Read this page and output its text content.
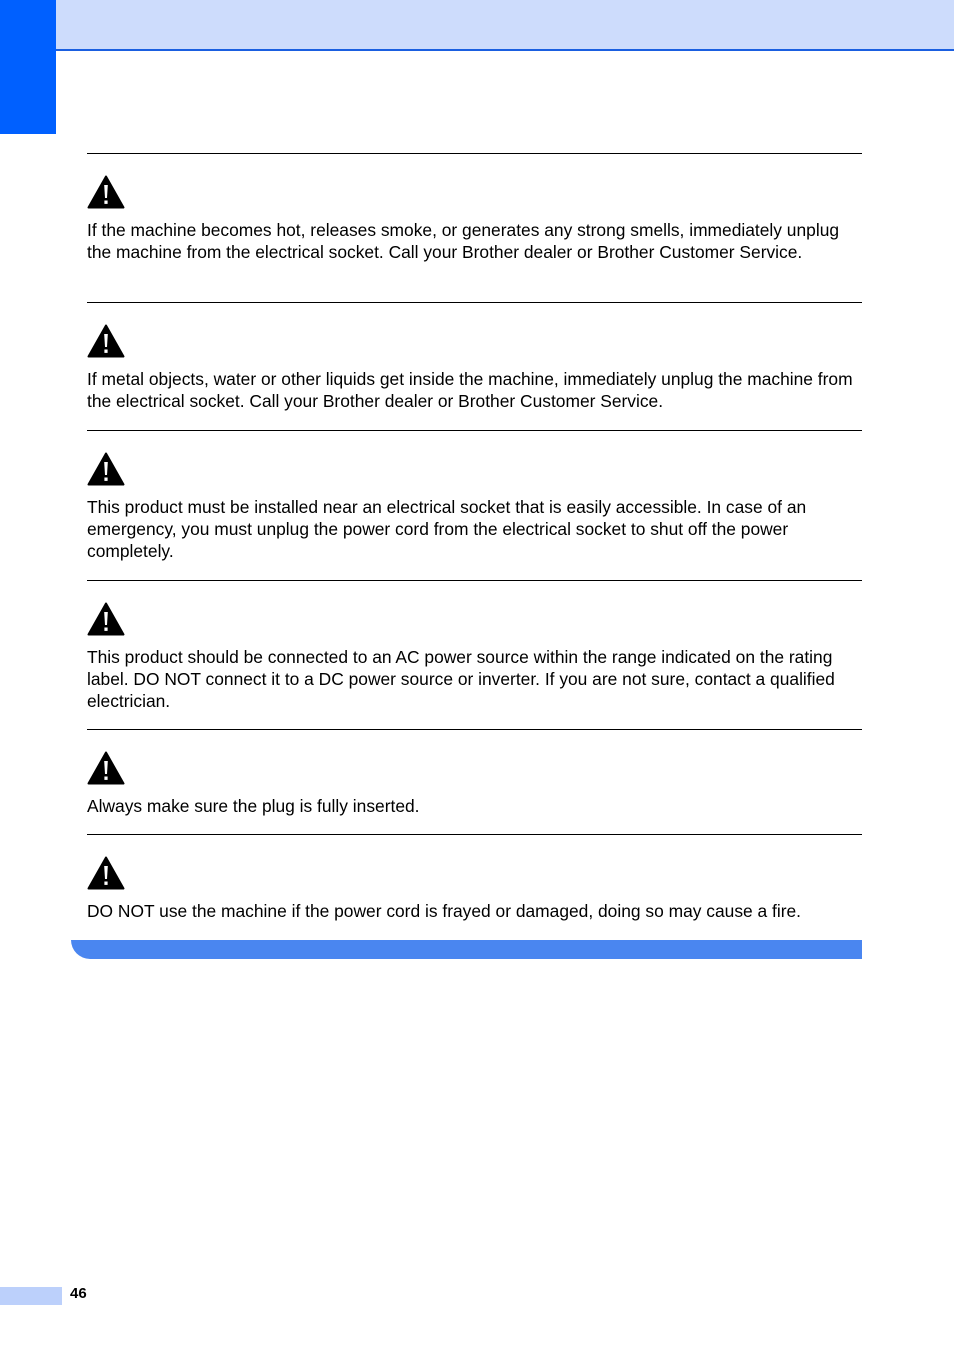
If the machine becomes hot, releases smoke, or generates any strong smells, immediately unplug the machine from the electrical socket. Call your Brother dealer or Brother Customer Service.

If metal objects, water or other liquids get inside the machine, immediately unplug the machine from the electrical socket. Call your Brother dealer or Brother Customer Service.

This product must be installed near an electrical socket that is easily accessible. In case of an emergency, you must unplug the power cord from the electrical socket to shut off the power completely.

This product should be connected to an AC power source within the range indicated on the rating label. DO NOT connect it to a DC power source or inverter. If you are not sure, contact a qualified electrician.

Always make sure the plug is fully inserted.

DO NOT use the machine if the power cord is frayed or damaged, doing so may cause a fire.

46
